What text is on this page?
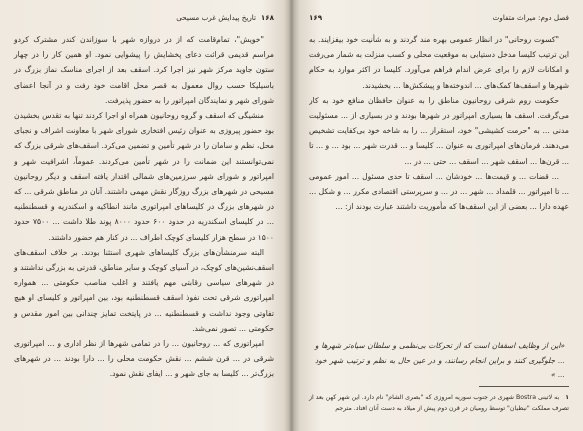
۱۶۸
تاریخ پیدایش غرب مسیحی

"خویش"، تمام‌قامت که از در دروازه شهر با سوزاندن کندر مشترک کردو مراسم قدیمی قرائت دعای پخشایش را پیشوایی نمود. او همین کار را در چهار ستون جاوید مرکز شهر نیز اجرا کرد. اسقف بعد از اجرای مناسک نماز بزرگ در باسیلیکا حسب روال معمول به قصر محل اقامت خود رفت و در آنجا اعضای شورای شهر و نمایندگان امپراتور را به حضور پذیرفت.

منشیگی که اسقف و گروه روحانیون همراه او اجرا کردند تنها به تقدس بخشیدن بود حضور پیروزی به عنوان رئیس افتخاری شورای شهر با معاونت اشراف و نجبای محل، نظم و سامان را در شهر تأمین و تضمین می‌کرد. اسقف‌های شرقی بزرگ که نمی‌توانستند این ضمانت را در شهر تأمین می‌کردند. عموماً، اشرافیت شهر و امپراتور و شورای شهر سرزمین‌های شمالی اقتدار یافته اسقف و دیگر روحانیون مسیحی در شهرهای بزرگ روزگار نقش مهمی داشتند. آنان در مناطق شرقی ... که در شهرهای بزرگ در کلیساهای امپراتوری مانند انطاکیه و اسکندریه و قسطنطنیه ... در کلیسای اسکندریه در حدود ۶۰۰ حدود ۸۰۰۰ پوند طلا داشت ... ۷۵۰۰ حدود ۱۵۰۰ در سطح هزار کلیسای کوچک اطراف ... در کنار هم حضور داشتند.

البته سرمنشأن‌های بزرگ کلیساهای شهری استثنا بودند. بر خلاف اسقف‌های اسقف‌نشین‌های کوچک، در آسیای کوچک و سایر مناطق، قدرتی به بزرگی نداشتند و در شهرهای سیاسی رقابتی مهم یافتند و اغلب مناصب حکومتی ... همواره امپراتوری شرقی تحت نفوذ اسقف قسطنطنیه بود، بین امپراتور و کلیسای او هیچ تفاوتی وجود نداشت و قسطنطنیه ... در پایتخت تمایز چندانی بین امور مقدس و حکومتی ... تصور نمی‌شد.

امپراتوری که ... روحانیون ... را در تمامی شهرها از نظر اداری و ... امپراتوری شرقی در ... قرن ششم ... نقش حکومت محلی را ... دارا بودند ... در شهرهای بزرگ‌تر ... کلیسا به جای شهر و ... ایفای نقش نمود.

فصل دوم: میراث متفاوت
۱۶۹

"کسوت روحانی" در انظار عمومی بهره مند گردند و به شأنیت خود بیفزایند. به این ترتیب کلیسا مدخل دستیابی به موقعیت محلی و کسب منزلت به شمار می‌رفت و امکانات لازم را برای عرض اندام فراهم می‌آورد. کلیسا در اکثر موارد به حکام شهرها و اسقف‌ها کمک‌های ... اندوخته‌ها و پیشکش‌ها ... بخشیدند.

حکومت روم شرقی روحانیون مناطق را به عنوان حافظان منافع خود به کار می‌گرفت. اسقف ها بسیاری امپراتور در شهرها بودند و در بسیاری از ... مسئولیت مدنی ... به "حرمت کشیشی" خود، استقرار ... را به شاخه خود بی‌کفایت تشخیص می‌دهند. فرمان‌های امپراتوری به عنوان ... کلیسا و ... قدرت شهر ... بود ... و ... تا ... قرن‌ها ... اسقف شهر ... اسقف ... حتی ... در ...

... قضات ... و قیمت‌ها ... خودشان ... اسقف تا حدی مسئول ... امور عمومی ... تا امپراتور ... قلمداد ... شهر ... در ... و سرپرستی اقتصادی مکرر ... و شکل ... عهده دارا ... بعضی از این اسقف‌ها که مأموریت داشتند عبارت بودند از: ...

«این از وظایف اسقفان است که از تحرکات بی‌نظمی و سلطان سیاه‌تر شهرها و ... جلوگیری کنند و براین انجام رسانند، و در عین حال به نظم و ترتیب شهر خود ... »
۱ به لاتینی Bostra شهری در جنوب سوریه امروزی که "بصری الشام" نام دارد. این شهر کهن بعد از تصرف مملکت "نبطیان" توسط رومیان در قرن دوم پیش از میلاد به دست آنان افتاد. مترجم
